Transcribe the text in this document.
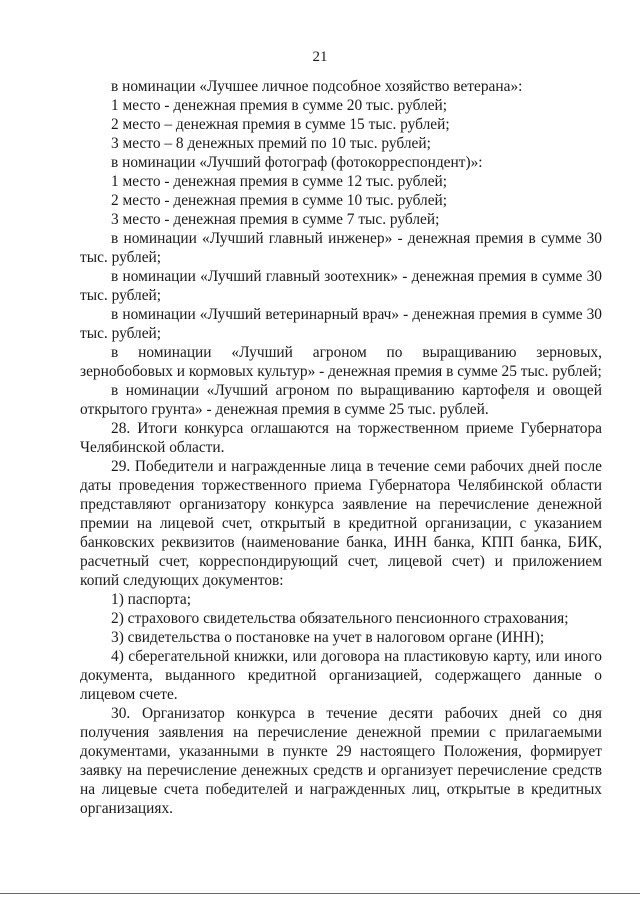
21

в номинации «Лучшее личное подсобное хозяйство ветерана»:

1 место - денежная премия в сумме 20 тыс. рублей;

2 место – денежная премия в сумме 15 тыс. рублей;

3 место – 8 денежных премий по 10 тыс. рублей;

в номинации «Лучший фотограф (фотокорреспондент)»:

1 место - денежная премия в сумме 12 тыс. рублей;

2 место - денежная премия в сумме 10 тыс. рублей;

3 место - денежная премия в сумме 7 тыс. рублей;

в номинации «Лучший главный инженер» - денежная премия в сумме 30 тыс. рублей;

в номинации «Лучший главный зоотехник» - денежная премия в сумме 30 тыс. рублей;

в номинации «Лучший ветеринарный врач» - денежная премия в сумме 30 тыс. рублей;

в номинации «Лучший агроном по выращиванию зерновых, зернобобовых и кормовых культур» - денежная премия в сумме 25 тыс. рублей;

в номинации «Лучший агроном по выращиванию картофеля и овощей открытого грунта» - денежная премия в сумме 25 тыс. рублей.

28. Итоги конкурса оглашаются на торжественном приеме Губернатора Челябинской области.

29. Победители и награжденные лица в течение семи рабочих дней после даты проведения торжественного приема Губернатора Челябинской области представляют организатору конкурса заявление на перечисление денежной премии на лицевой счет, открытый в кредитной организации, с указанием банковских реквизитов (наименование банка, ИНН банка, КПП банка, БИК, расчетный счет, корреспондирующий счет, лицевой счет) и приложением копий следующих документов:

1) паспорта;

2) страхового свидетельства обязательного пенсионного страхования;

3) свидетельства о постановке на учет в налоговом органе (ИНН);

4) сберегательной книжки, или договора на пластиковую карту, или иного документа, выданного кредитной организацией, содержащего данные о лицевом счете.

30. Организатор конкурса в течение десяти рабочих дней со дня получения заявления на перечисление денежной премии с прилагаемыми документами, указанными в пункте 29 настоящего Положения, формирует заявку на перечисление денежных средств и организует перечисление средств на лицевые счета победителей и награжденных лиц, открытые в кредитных организациях.
